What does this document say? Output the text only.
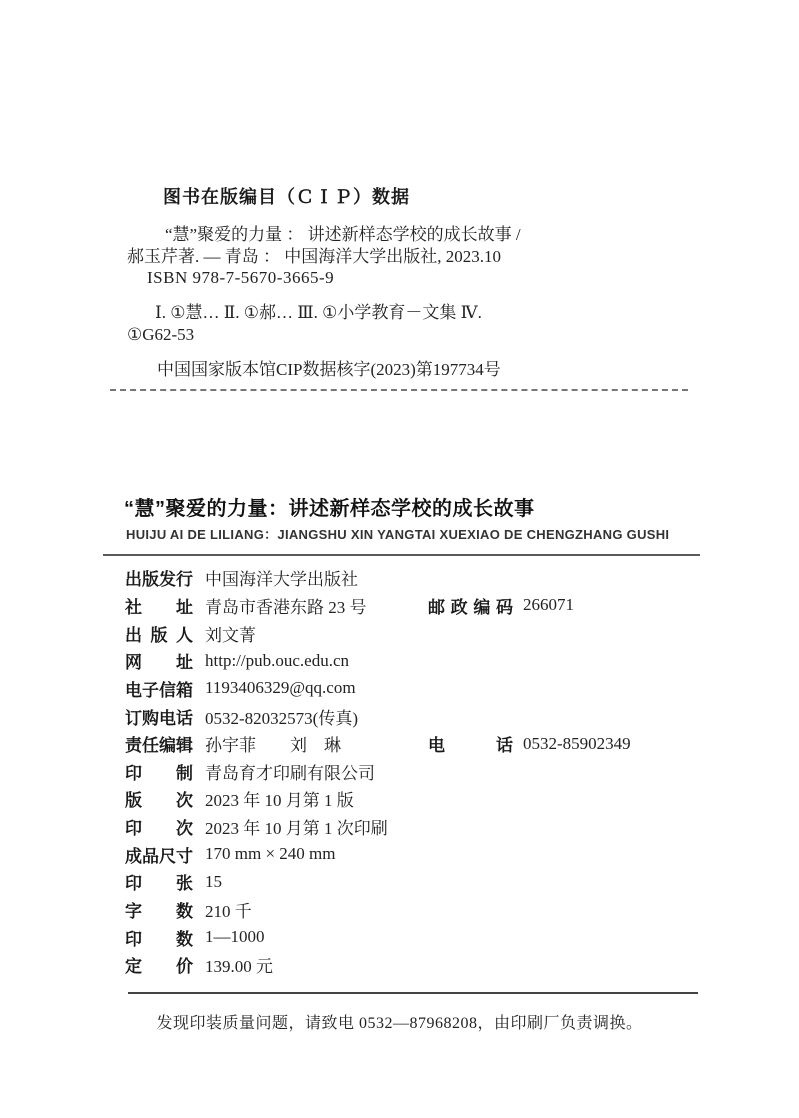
图书在版编目（ＣＩＰ）数据
“慧”聚爱的力量 ： 讲述新样态学校的成长故事 /
郝玉芹著. — 青岛 ： 中国海洋大学出版社, 2023.10
ISBN 978-7-5670-3665-9
Ⅰ. ①慧… Ⅱ. ①郝… Ⅲ. ①小学教育－文集 Ⅳ.
①G62-53
中国国家版本馆CIP数据核字(2023)第197734号
“慧”聚爱的力量：讲述新样态学校的成长故事
HUIJU AI DE LILIANG：JIANGSHU XIN YANGTAI XUEXIAO DE CHENGZHANG GUSHI
出版发行 中国海洋大学出版社
社址 青岛市香港东路 23 号	邮政编码 266071
出版人 刘文菁
网址 http://pub.ouc.edu.cn
电子信箱 1193406329@qq.com
订购电话 0532-82032573(传真)
责任编辑 孙宇菲　　刘　琳	电话 0532-85902349
印制 青岛育才印刷有限公司
版次 2023 年 10 月第 1 版
印次 2023 年 10 月第 1 次印刷
成品尺寸 170 mm × 240 mm
印张 15
字数 210 千
印数 1—1000
定价 139.00 元
发现印装质量问题，请致电 0532—87968208，由印刷厂负责调换。
